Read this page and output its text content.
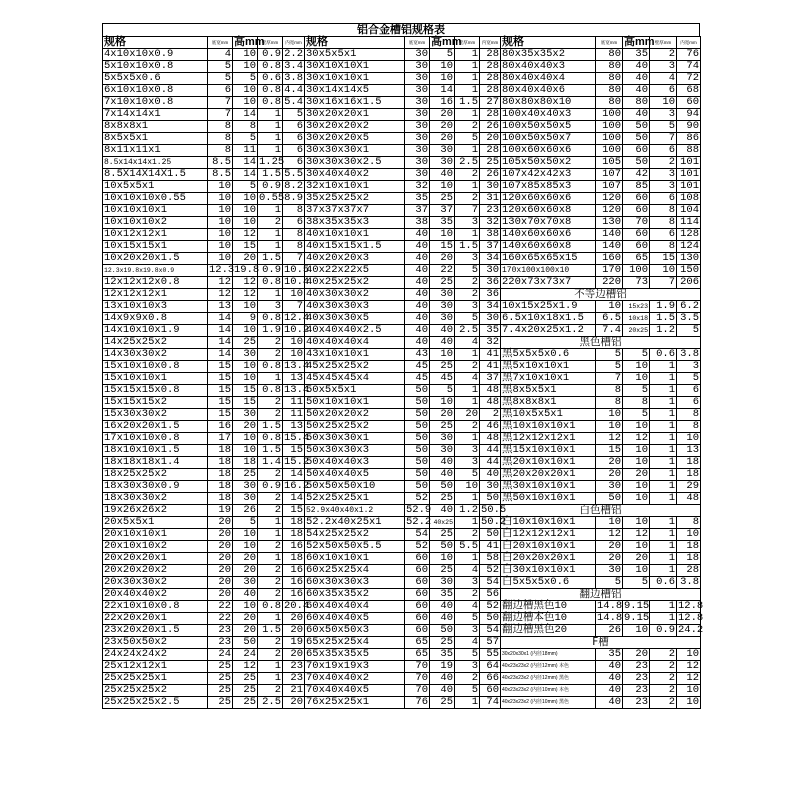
铝合金槽铝规格表
规格	底宽mm	高mm	壁厚mm	内宽mm	规格	底宽mm	高mm	壁厚mm	内宽mm	规格	底宽mm	高mm	壁厚mm	内宽mm
4x10x10x0.9	4	10	0.9	2.2	30x5x5x1	30	5	1	28	80x35x35x2	80	35	2	76
5x10x10x0.8	5	10	0.8	3.4	30X10X10X1	30	10	1	28	80x40x40x3	80	40	3	74
5x5x5x0.6	5	5	0.6	3.8	30x10x10x1	30	10	1	28	80x40x40x4	80	40	4	72
6x10x10x0.8	6	10	0.8	4.4	30x14x14x5	30	14	1	28	80x40x40x6	80	40	6	68
7x10x10x0.8	7	10	0.8	5.4	30x16x16x1.5	30	16	1.5	27	80x80x80x10	80	80	10	60
7x14x14x1	7	14	1	5	30x20x20x1	30	20	1	28	100x40x40x3	100	40	3	94
8x8x8x1	8	8	1	6	30x20x20x2	30	20	2	26	100x50x50x5	100	50	5	90
8x5x5x1	8	5	1	6	30x20x20x5	30	20	5	20	100x50x50x7	100	50	7	86
8x11x11x1	8	11	1	6	30x30x30x1	30	30	1	28	100x60x60x6	100	60	6	88
8.5x14x14x1.25	8.5	14	1.25	6	30x30x30x2.5	30	30	2.5	25	105x50x50x2	105	50	2	101
8.5X14X14X1.5	8.5	14	1.5	5.5	30x40x40x2	30	40	2	26	107x42x42x3	107	42	3	101
10x5x5x1	10	5	0.9	8.2	32x10x10x1	32	10	1	30	107x85x85x3	107	85	3	101
10x10x10x0.55	10	10	0.55	8.9	35x25x25x2	35	25	2	31	120x60x60x6	120	60	6	108
10x10x10x1	10	10	1	8	37x37x37x7	37	37	7	23	120x60x60x8	120	60	8	104
10x10x10x2	10	10	2	6	38x35x35x3	38	35	3	32	130x70x70x8	130	70	8	114
10x12x12x1	10	12	1	8	40x10x10x1	40	10	1	38	140x60x60x6	140	60	6	128
10x15x15x1	10	15	1	8	40x15x15x1.5	40	15	1.5	37	140x60x60x8	140	60	8	124
10x20x20x1.5	10	20	1.5	7	40x20x20x3	40	20	3	34	160x65x65x15	160	65	15	130
12.3x19.8x19.8x0.9	12.3	19.8	0.9	10.5	40x22x22x5	40	22	5	30	170x100x100x10	170	100	10	150
12x12x12x0.8	12	12	0.8	10.4	40x25x25x2	40	25	2	36	220x73x73x7	220	73	7	206
12x12x12x1	12	12	1	10	40x30x30x2	40	30	2	36	不等边槽铝				
13x10x10x3	13	10	3	7	40x30x30x3	40	30	3	34	10x15x25x1.9	10	15x23	1.9	6.2
14x9x9x0.8	14	9	0.8	12.4	40x30x30x5	40	30	5	30	6.5x10x18x1.5	6.5	10x18	1.5	3.5
14x10x10x1.9	14	10	1.9	10.2	40x40x40x2.5	40	40	2.5	35	7.4x20x25x1.2	7.4	20x25	1.2	5
14x25x25x2	14	25	2	10	40x40x40x4	40	40	4	32	黑色槽铝				
14x30x30x2	14	30	2	10	43x10x10x1	43	10	1	41	黑5x5x5x0.6	5	5	0.6	3.8
15x10x10x0.8	15	10	0.8	13.4	45x25x25x2	45	25	2	41	黑5x10x10x1	5	10	1	3
15x10x10x1	15	10	1	13	45x45x45x4	45	45	4	37	黑7x10x10x1	7	10	1	5
15x15x15x0.8	15	15	0.8	13.4	50x5x5x1	50	5	1	48	黑8x5x5x1	8	5	1	6
15x15x15x2	15	15	2	11	50x10x10x1	50	10	1	48	黑8x8x8x1	8	8	1	6
15x30x30x2	15	30	2	11	50x20x20x2	50	20	20	2	黑10x5x5x1	10	5	1	8
16x20x20x1.5	16	20	1.5	13	50x25x25x2	50	25	2	46	黑10x10x10x1	10	10	1	8
17x10x10x0.8	17	10	0.8	15.4	50x30x30x1	50	30	1	48	黑12x12x12x1	12	12	1	10
18x10x10x1.5	18	10	1.5	15	50x30x30x3	50	30	3	44	黑15x10x10x1	15	10	1	13
18x18x18x1.4	18	18	1.4	15.2	50x40x40x3	50	40	3	44	黑20x10x10x1	20	10	1	18
18x25x25x2	18	25	2	14	50x40x40x5	50	40	5	40	黑20x20x20x1	20	20	1	18
18x30x30x0.9	18	30	0.9	16.2	50x50x50x10	50	50	10	30	黑30x10x10x1	30	10	1	29
18x30x30x2	18	30	2	14	52x25x25x1	52	25	1	50	黑50x10x10x1	50	10	1	48
19x26x26x2	19	26	2	15	52.9x40x40x1.2	52.9	40	1.2	50.5	白色槽铝				
20x5x5x1	20	5	1	18	52.2x40x25x1	52.2	40x25	1	50.2	白10x10x10x1	10	10	1	8
20x10x10x1	20	10	1	18	54x25x25x2	54	25	2	50	白12x12x12x1	12	12	1	10
20x10x10x2	20	10	2	16	52x50x50x5.5	52	50	5.5	41	白20x10x10x1	20	10	1	18
20x20x20x1	20	20	1	18	60x10x10x1	60	10	1	58	白20x20x20x1	20	20	1	18
20x20x20x2	20	20	2	16	60x25x25x4	60	25	4	52	白30x10x10x1	30	10	1	28
20x30x30x2	20	30	2	16	60x30x30x3	60	30	3	54	白5x5x5x0.6	5	5	0.6	3.8
20x40x40x2	20	40	2	16	60x35x35x2	60	35	2	56	翻边槽铝				
22x10x10x0.8	22	10	0.8	20.4	60x40x40x4	60	40	4	52	翻边槽黑色10	14.8	9.15	1	12.8
22x20x20x1	22	20	1	20	60x40x40x5	60	40	5	50	翻边槽本色10	14.8	9.15	1	12.8
23x20x20x1.5	23	20	1.5	20	60x50x50x3	60	50	3	54	翻边槽黑色20	26	10	0.9	24.2
23x50x50x2	23	50	2	19	65x25x25x4	65	25	4	57	F槽				
24x24x24x2	24	24	2	20	65x35x35x5	65	35	5	55	30x20x30x1 (内径18mm)	35	20	2	10
25x12x12x1	25	12	1	23	70x19x19x3	70	19	3	64	40x23x23x2 (内径12mm) 本色	40	23	2	12
25x25x25x1	25	25	1	23	70x40x40x2	70	40	2	66	40x23x23x2 (内径12mm) 黑色	40	23	2	12
25x25x25x2	25	25	2	21	70x40x40x5	70	40	5	60	40x23x23x2 (内径10mm) 本色	40	23	2	10
25x25x25x2.5	25	25	2.5	20	76x25x25x1	76	25	1	74	40x23x23x2 (内径10mm) 黑色	40	23	2	10
